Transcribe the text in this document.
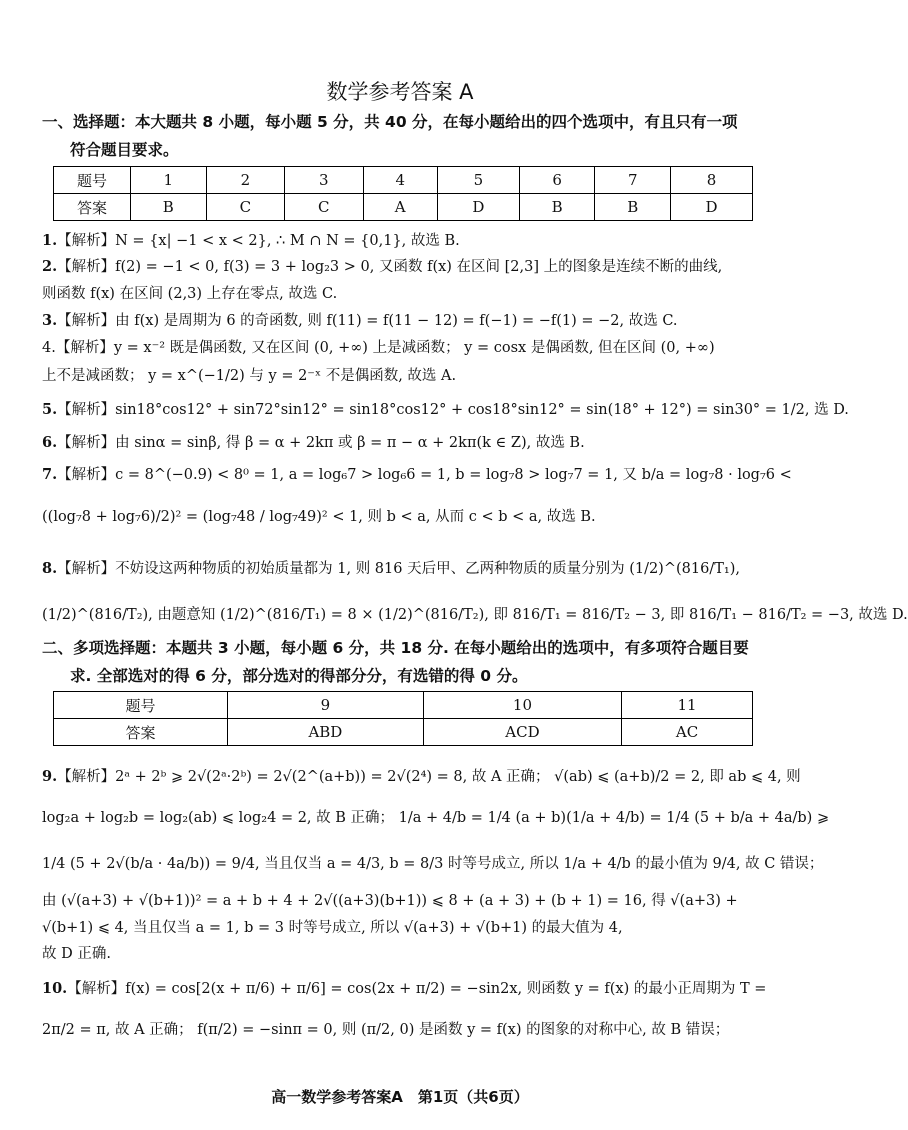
数学参考答案 A
一、选择题：本大题共 8 小题，每小题 5 分，共 40 分，在每小题给出的四个选项中，有且只有一项
符合题目要求。
题号	1	2	3	4	5	6	7	8
答案	B	C	C	A	D	B	B	D
1.【解析】N = {x| −1 < x < 2}, ∴ M ∩ N = {0,1}, 故选 B.
2.【解析】f(2) = −1 < 0, f(3) = 3 + log₂3 > 0, 又函数 f(x) 在区间 [2,3] 上的图象是连续不断的曲线,
则函数 f(x) 在区间 (2,3) 上存在零点, 故选 C.
3.【解析】由 f(x) 是周期为 6 的奇函数, 则 f(11) = f(11 − 12) = f(−1) = −f(1) = −2, 故选 C.
4.【解析】y = x⁻² 既是偶函数, 又在区间 (0, +∞) 上是减函数； y = cosx 是偶函数, 但在区间 (0, +∞)
上不是减函数； y = x^(−1/2) 与 y = 2⁻ˣ 不是偶函数, 故选 A.
5.【解析】sin18°cos12° + sin72°sin12° = sin18°cos12° + cos18°sin12° = sin(18° + 12°) = sin30° = 1/2, 选 D.
6.【解析】由 sinα = sinβ, 得 β = α + 2kπ 或 β = π − α + 2kπ(k ∈ Z), 故选 B.
7.【解析】c = 8^(−0.9) < 8⁰ = 1, a = log₆7 > log₆6 = 1, b = log₇8 > log₇7 = 1, 又 b/a = log₇8 · log₇6 <
((log₇8 + log₇6)/2)² = (log₇48 / log₇49)² < 1, 则 b < a, 从而 c < b < a, 故选 B.
8.【解析】不妨设这两种物质的初始质量都为 1, 则 816 天后甲、乙两种物质的质量分别为 (1/2)^(816/T₁),
(1/2)^(816/T₂), 由题意知 (1/2)^(816/T₁) = 8 × (1/2)^(816/T₂), 即 816/T₁ = 816/T₂ − 3, 即 816/T₁ − 816/T₂ = −3, 故选 D.
二、多项选择题：本题共 3 小题，每小题 6 分，共 18 分. 在每小题给出的选项中，有多项符合题目要
求. 全部选对的得 6 分，部分选对的得部分分，有选错的得 0 分。
题号	9	10	11
答案	ABD	ACD	AC
9.【解析】2ᵃ + 2ᵇ ⩾ 2√(2ᵃ·2ᵇ) = 2√(2^(a+b)) = 2√(2⁴) = 8, 故 A 正确； √(ab) ⩽ (a+b)/2 = 2, 即 ab ⩽ 4, 则
log₂a + log₂b = log₂(ab) ⩽ log₂4 = 2, 故 B 正确； 1/a + 4/b = 1/4 (a + b)(1/a + 4/b) = 1/4 (5 + b/a + 4a/b) ⩾
1/4 (5 + 2√(b/a · 4a/b)) = 9/4, 当且仅当 a = 4/3, b = 8/3 时等号成立, 所以 1/a + 4/b 的最小值为 9/4, 故 C 错误；
由 (√(a+3) + √(b+1))² = a + b + 4 + 2√((a+3)(b+1)) ⩽ 8 + (a + 3) + (b + 1) = 16, 得 √(a+3) +
√(b+1) ⩽ 4, 当且仅当 a = 1, b = 3 时等号成立, 所以 √(a+3) + √(b+1) 的最大值为 4,
故 D 正确.
10.【解析】f(x) = cos[2(x + π/6) + π/6] = cos(2x + π/2) = −sin2x, 则函数 y = f(x) 的最小正周期为 T =
2π/2 = π, 故 A 正确； f(π/2) = −sinπ = 0, 则 (π/2, 0) 是函数 y = f(x) 的图象的对称中心, 故 B 错误；
高一数学参考答案A　第1页（共6页）
